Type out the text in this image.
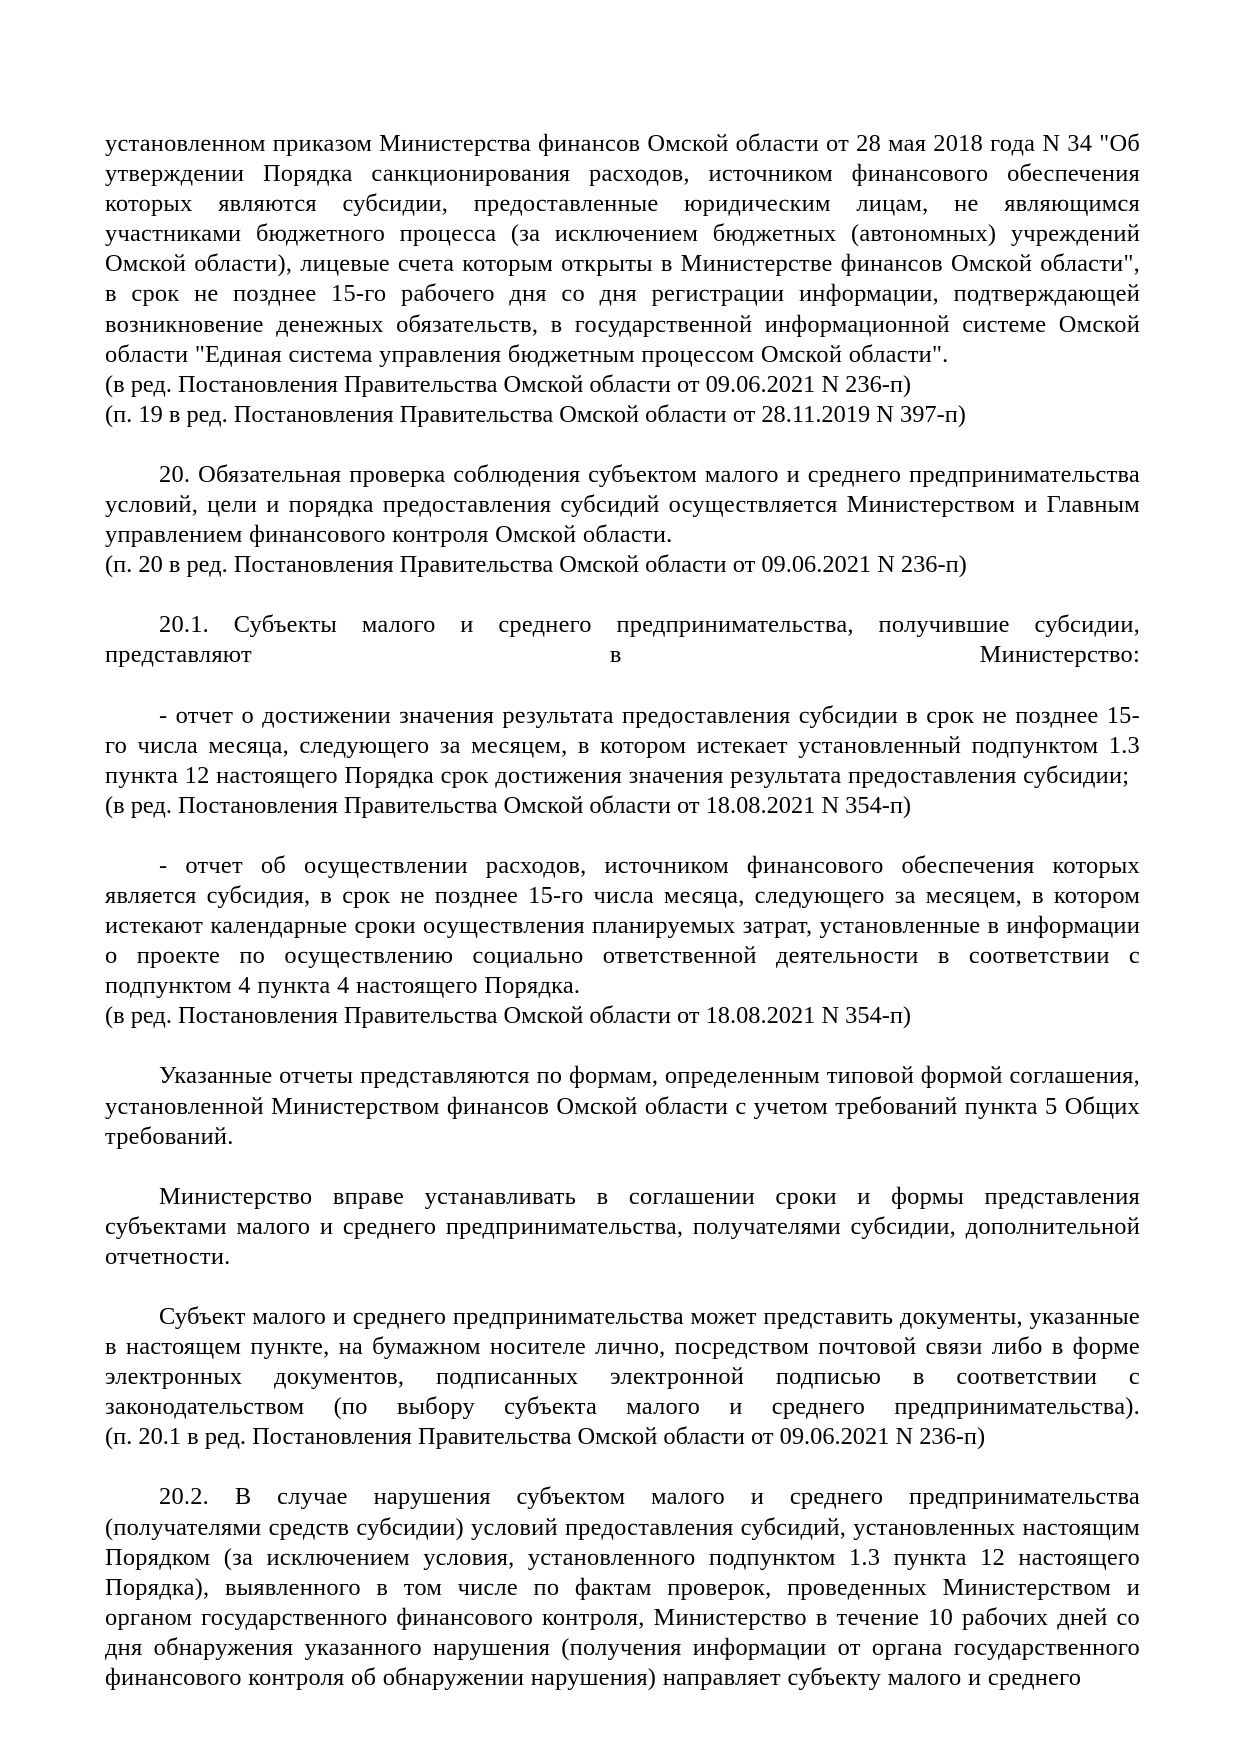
установленном приказом Министерства финансов Омской области от 28 мая 2018 года N 34 "Об утверждении Порядка санкционирования расходов, источником финансового обеспечения которых являются субсидии, предоставленные юридическим лицам, не являющимся участниками бюджетного процесса (за исключением бюджетных (автономных) учреждений Омской области), лицевые счета которым открыты в Министерстве финансов Омской области", в срок не позднее 15-го рабочего дня со дня регистрации информации, подтверждающей возникновение денежных обязательств, в государственной информационной системе Омской области "Единая система управления бюджетным процессом Омской области".

(в ред. Постановления Правительства Омской области от 09.06.2021 N 236-п)

(п. 19 в ред. Постановления Правительства Омской области от 28.11.2019 N 397-п)

20. Обязательная проверка соблюдения субъектом малого и среднего предпринимательства условий, цели и порядка предоставления субсидий осуществляется Министерством и Главным управлением финансового контроля Омской области.

(п. 20 в ред. Постановления Правительства Омской области от 09.06.2021 N 236-п)

20.1. Субъекты малого и среднего предпринимательства, получившие субсидии, представляют в Министерство:

- отчет о достижении значения результата предоставления субсидии в срок не позднее 15-го числа месяца, следующего за месяцем, в котором истекает установленный подпунктом 1.3 пункта 12 настоящего Порядка срок достижения значения результата предоставления субсидии;

(в ред. Постановления Правительства Омской области от 18.08.2021 N 354-п)

- отчет об осуществлении расходов, источником финансового обеспечения которых является субсидия, в срок не позднее 15-го числа месяца, следующего за месяцем, в котором истекают календарные сроки осуществления планируемых затрат, установленные в информации о проекте по осуществлению социально ответственной деятельности в соответствии с подпунктом 4 пункта 4 настоящего Порядка.

(в ред. Постановления Правительства Омской области от 18.08.2021 N 354-п)

Указанные отчеты представляются по формам, определенным типовой формой соглашения, установленной Министерством финансов Омской области с учетом требований пункта 5 Общих требований.

Министерство вправе устанавливать в соглашении сроки и формы представления субъектами малого и среднего предпринимательства, получателями субсидии, дополнительной отчетности.

Субъект малого и среднего предпринимательства может представить документы, указанные в настоящем пункте, на бумажном носителе лично, посредством почтовой связи либо в форме электронных документов, подписанных электронной подписью в соответствии с законодательством (по выбору субъекта малого и среднего предпринимательства).

(п. 20.1 в ред. Постановления Правительства Омской области от 09.06.2021 N 236-п)

20.2. В случае нарушения субъектом малого и среднего предпринимательства (получателями средств субсидии) условий предоставления субсидий, установленных настоящим Порядком (за исключением условия, установленного подпунктом 1.3 пункта 12 настоящего Порядка), выявленного в том числе по фактам проверок, проведенных Министерством и органом государственного финансового контроля, Министерство в течение 10 рабочих дней со дня обнаружения указанного нарушения (получения информации от органа государственного финансового контроля об обнаружении нарушения) направляет субъекту малого и среднего
